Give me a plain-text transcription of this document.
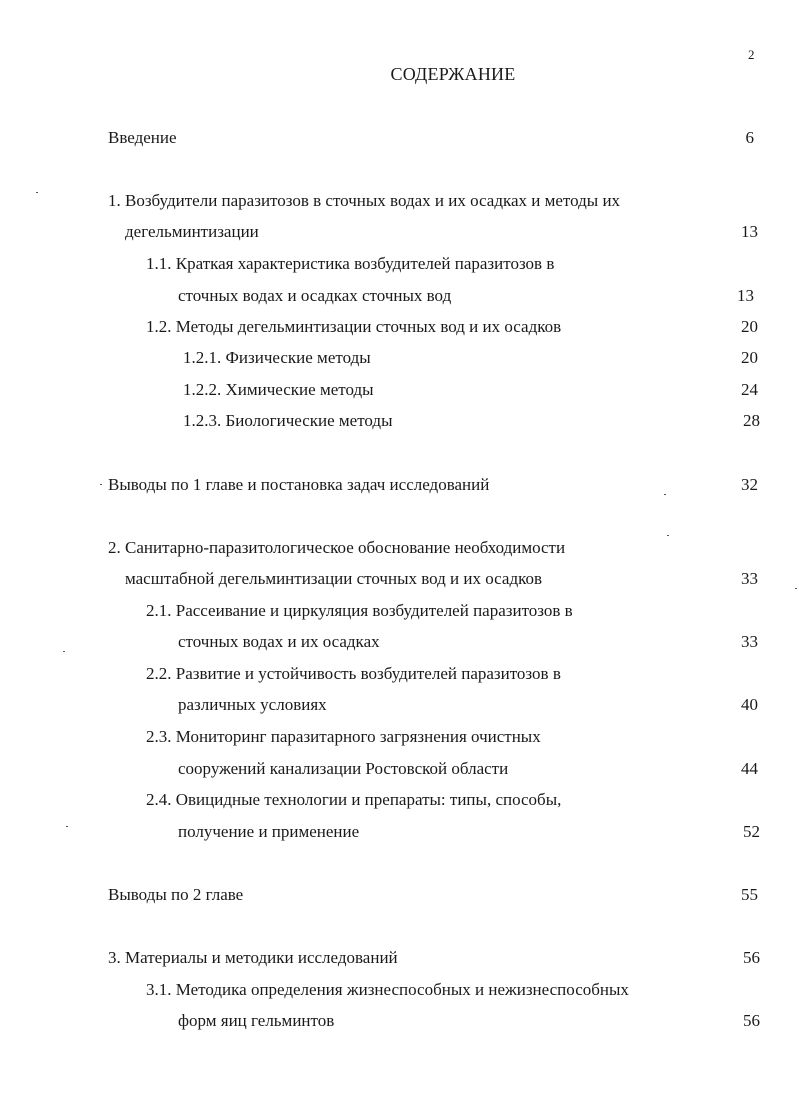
2
СОДЕРЖАНИЕ
Введение	6
1. Возбудители паразитозов в сточных водах и их осадках и методы их
дегельминтизации	13
1.1. Краткая характеристика возбудителей паразитозов в
сточных водах и осадках сточных вод	13
1.2. Методы дегельминтизации сточных вод и их осадков	20
1.2.1. Физические методы	20
1.2.2. Химические методы	24
1.2.3. Биологические методы	28
Выводы по 1 главе и постановка задач исследований	32
2. Санитарно-паразитологическое обоснование необходимости
масштабной дегельминтизации сточных вод и их осадков	33
2.1. Рассеивание и циркуляция возбудителей паразитозов в
сточных водах и их осадках	33
2.2. Развитие и устойчивость возбудителей паразитозов в
различных условиях	40
2.3. Мониторинг паразитарного загрязнения очистных
сооружений канализации Ростовской области	44
2.4. Овицидные технологии и препараты: типы, способы,
получение и применение	52
Выводы по 2 главе	55
3. Материалы и методики исследований	56
3.1. Методика определения жизнеспособных и нежизнеспособных
форм яиц гельминтов	56
